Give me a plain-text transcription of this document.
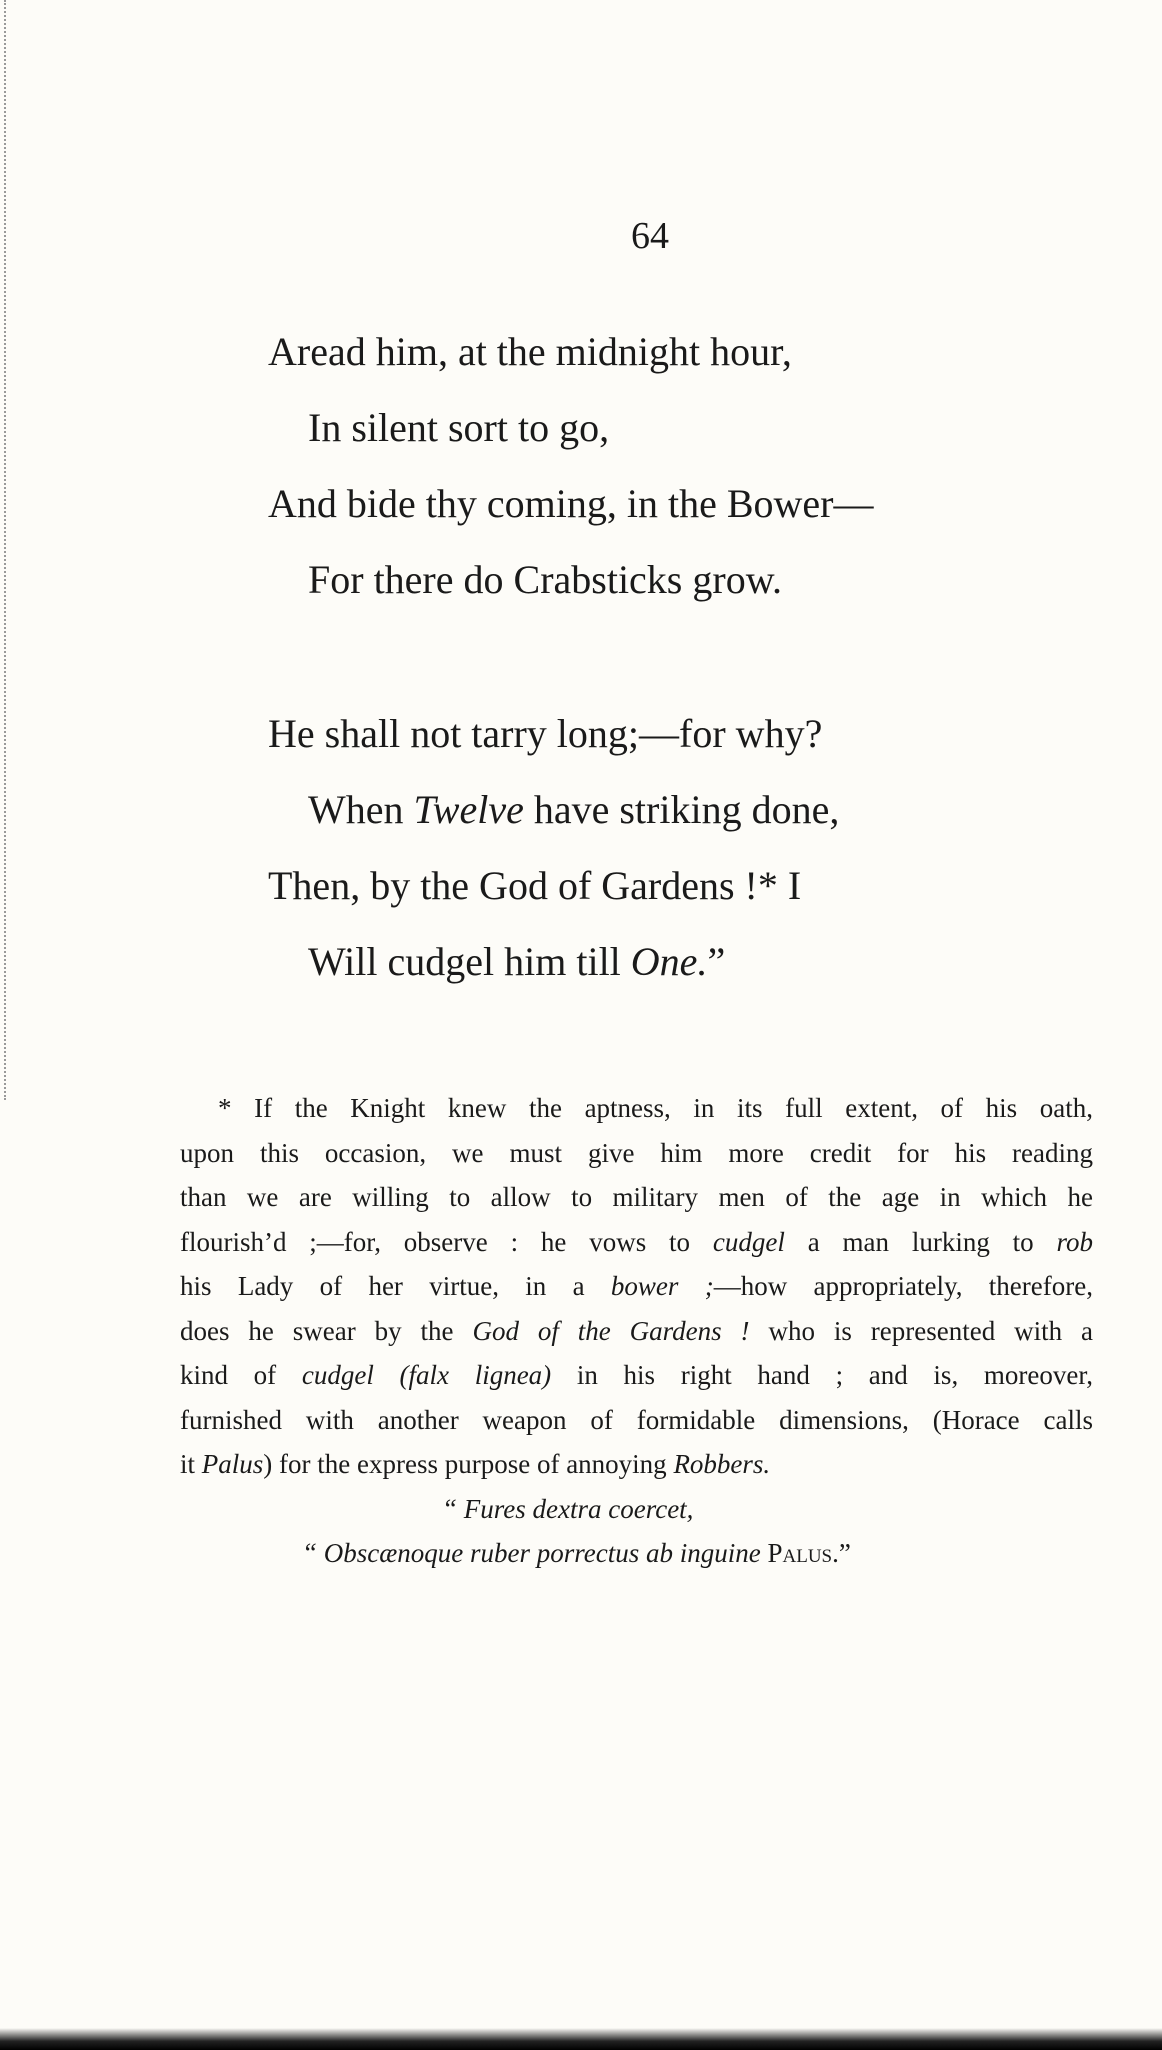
64
Aread him, at the midnight hour,
In silent sort to go,
And bide thy coming, in the Bower—
For there do Crabsticks grow.
He shall not tarry long;—for why?
When Twelve have striking done,
Then, by the God of Gardens !* I
Will cudgel him till One.”
* If the Knight knew the aptness, in its full extent, of his oath,
upon this occasion, we must give him more credit for his reading
than we are willing to allow to military men of the age in which he
flourish’d ;—for, observe : he vows to cudgel a man lurking to rob
his Lady of her virtue, in a bower ;—how appropriately, therefore,
does he swear by the God of the Gardens ! who is represented with a
kind of cudgel (falx lignea) in his right hand ; and is, moreover,
furnished with another weapon of formidable dimensions, (Horace calls
it Palus) for the express purpose of annoying Robbers.
“ Fures dextra coercet,
“ Obscænoque ruber porrectus ab inguine Palus.”
